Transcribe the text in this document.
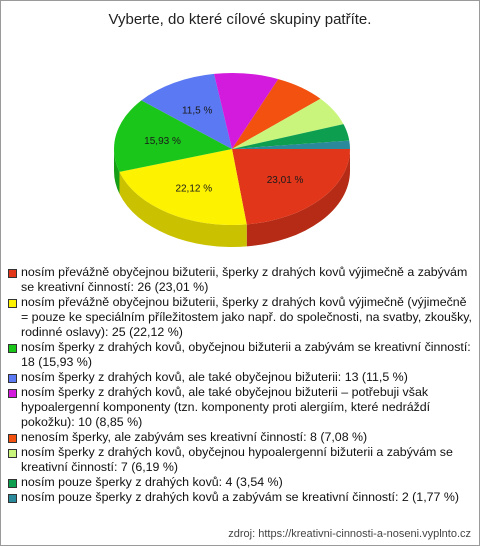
Vyberte, do které cílové skupiny patříte.
23,01 %
22,12 %
15,93 %
11,5 %
nosím převážně obyčejnou bižuterii, šperky z drahých kovů výjimečně a zabývám se kreativní činností: 26 (23,01 %)
nosím převážně obyčejnou bižuterii, šperky z drahých kovů výjimečně (výjimečně = pouze ke speciálním příležitostem jako např. do společnosti, na svatby, zkoušky, rodinné oslavy): 25 (22,12 %)
nosím šperky z drahých kovů, obyčejnou bižuterii a zabývám se kreativní činností: 18 (15,93 %)
nosím šperky z drahých kovů, ale také obyčejnou bižuterii: 13 (11,5 %)
nosím šperky z drahých kovů, ale také obyčejnou bižuterii – potřebuji však hypoalergenní komponenty (tzn. komponenty proti alergiím, které nedráždí pokožku): 10 (8,85 %)
nenosím šperky, ale zabývám ses kreativní činností: 8 (7,08 %)
nosím šperky z drahých kovů, obyčejnou hypoalergenní bižuterii a zabývám se kreativní činností: 7 (6,19 %)
nosím pouze šperky z drahých kovů: 4 (3,54 %)
nosím pouze šperky z drahých kovů a zabývám se kreativní činností: 2 (1,77 %)
zdroj: https://kreativni-cinnosti-a-noseni.vyplnto.cz
